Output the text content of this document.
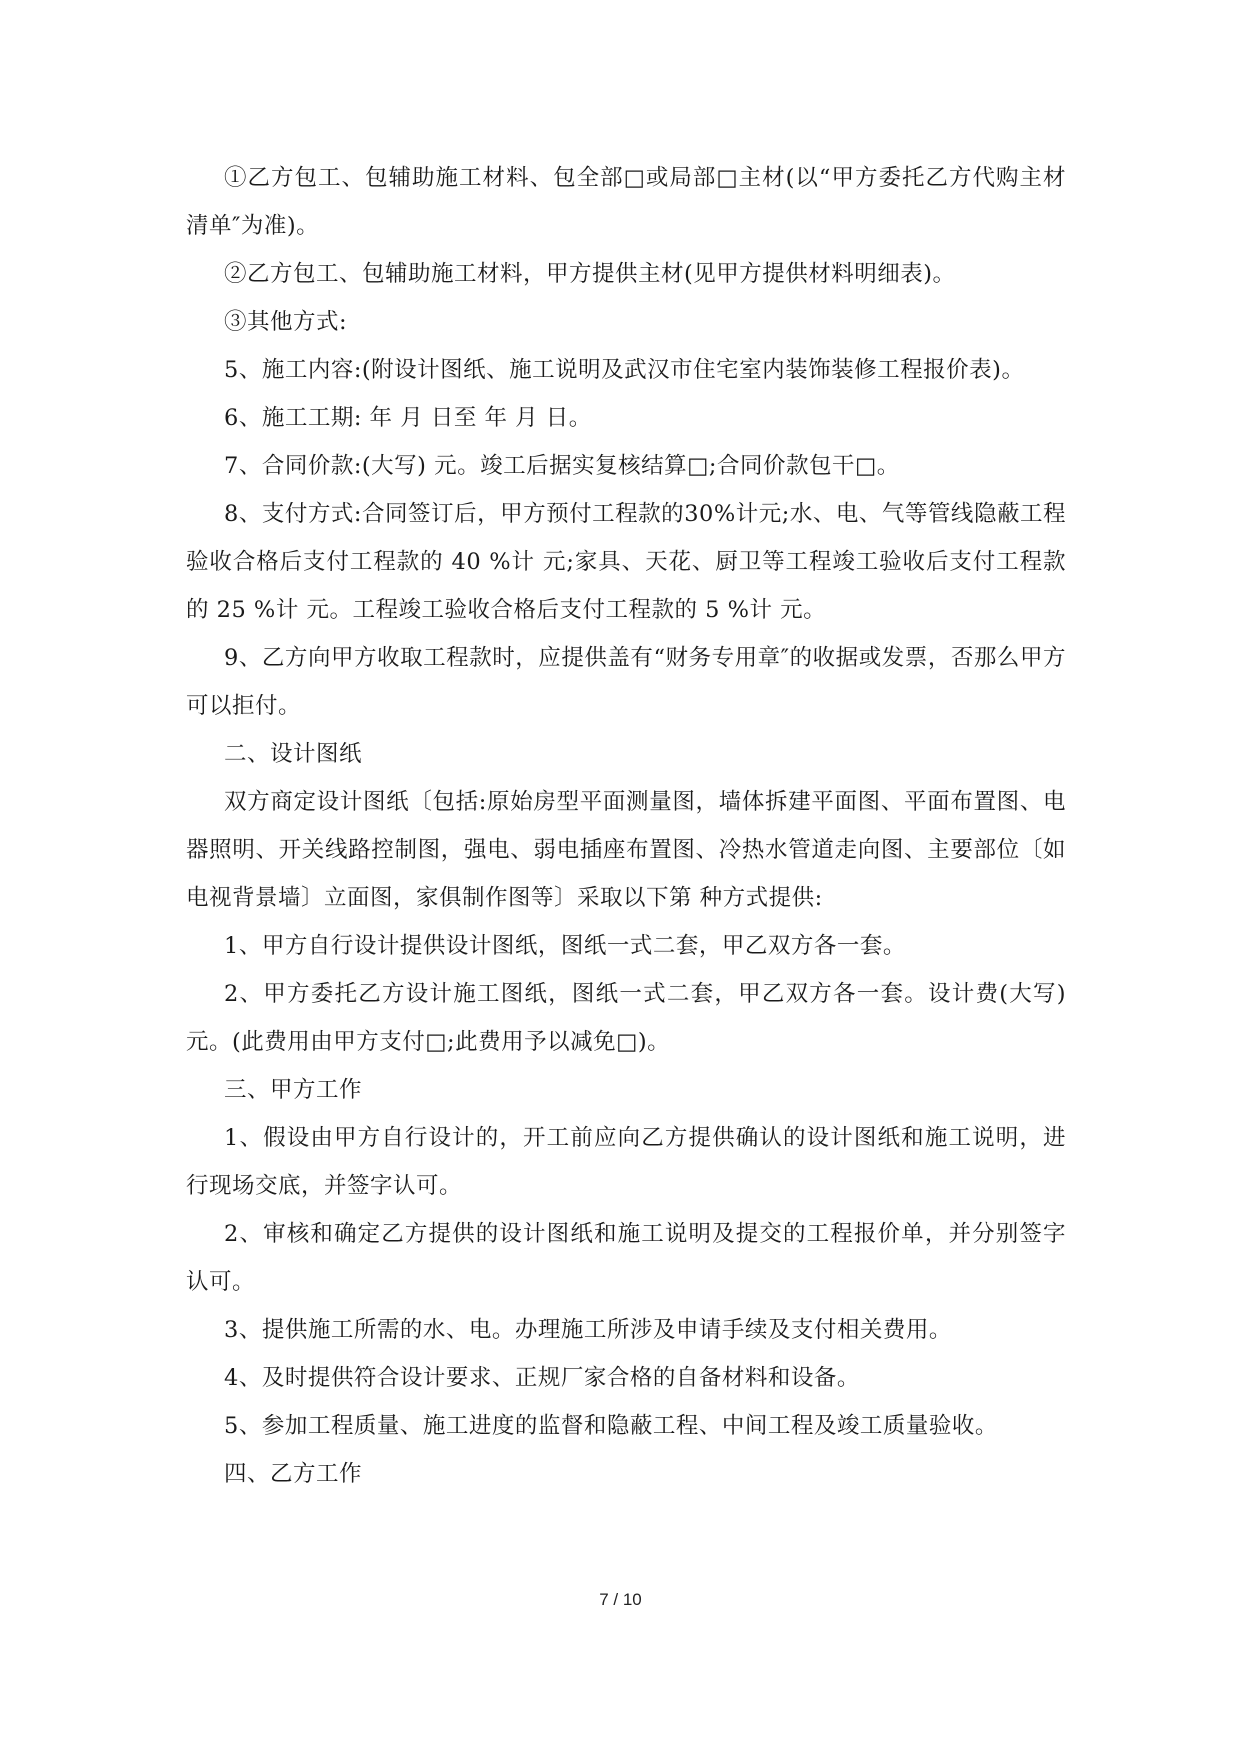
①乙方包工、包辅助施工材料、包全部□或局部□主材(以“甲方委托乙方代购主材清单″为准)。

②乙方包工、包辅助施工材料，甲方提供主材(见甲方提供材料明细表)。

③其他方式:

5、施工内容:(附设计图纸、施工说明及武汉市住宅室内装饰装修工程报价表)。

6、施工工期: 年 月 日至 年 月 日。

7、合同价款:(大写) 元。竣工后据实复核结算□;合同价款包干□。

8、支付方式:合同签订后，甲方预付工程款的30%计元;水、电、气等管线隐蔽工程验收合格后支付工程款的 40 %计 元;家具、天花、厨卫等工程竣工验收后支付工程款的 25 %计 元。工程竣工验收合格后支付工程款的 5 %计 元。

9、乙方向甲方收取工程款时，应提供盖有“财务专用章″的收据或发票，否那么甲方可以拒付。

二、设计图纸

双方商定设计图纸〔包括:原始房型平面测量图，墙体拆建平面图、平面布置图、电器照明、开关线路控制图，强电、弱电插座布置图、冷热水管道走向图、主要部位〔如电视背景墙〕立面图，家俱制作图等〕采取以下第 种方式提供:

1、甲方自行设计提供设计图纸，图纸一式二套，甲乙双方各一套。

2、甲方委托乙方设计施工图纸，图纸一式二套，甲乙双方各一套。设计费(大写) 元。(此费用由甲方支付□;此费用予以减免□)。

三、甲方工作

1、假设由甲方自行设计的，开工前应向乙方提供确认的设计图纸和施工说明，进行现场交底，并签字认可。

2、审核和确定乙方提供的设计图纸和施工说明及提交的工程报价单，并分别签字认可。

3、提供施工所需的水、电。办理施工所涉及申请手续及支付相关费用。

4、及时提供符合设计要求、正规厂家合格的自备材料和设备。

5、参加工程质量、施工进度的监督和隐蔽工程、中间工程及竣工质量验收。

四、乙方工作

7 / 10
